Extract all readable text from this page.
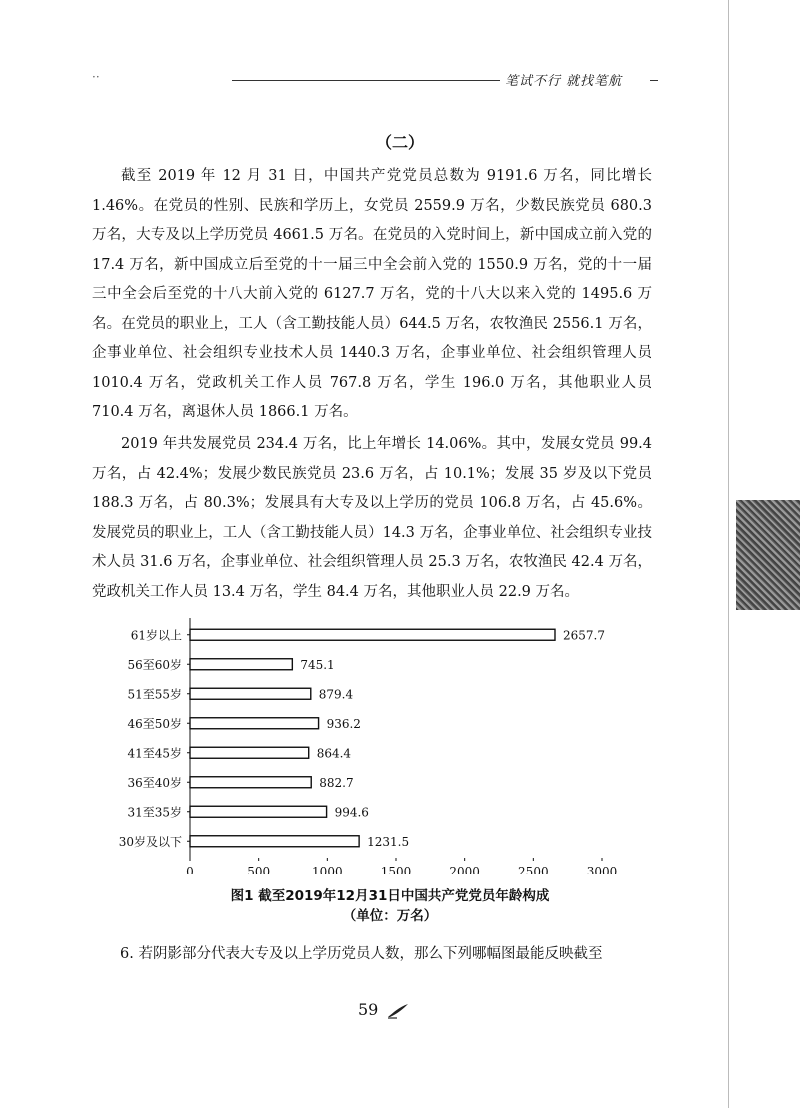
··	笔试不行 就找笔航
（二）

截至 2019 年 12 月 31 日，中国共产党党员总数为 9191.6 万名，同比增长 1.46%。在党员的性别、民族和学历上，女党员 2559.9 万名，少数民族党员 680.3 万名，大专及以上学历党员 4661.5 万名。在党员的入党时间上，新中国成立前入党的 17.4 万名，新中国成立后至党的十一届三中全会前入党的 1550.9 万名，党的十一届三中全会后至党的十八大前入党的 6127.7 万名，党的十八大以来入党的 1495.6 万名。在党员的职业上，工人（含工勤技能人员）644.5 万名，农牧渔民 2556.1 万名，企事业单位、社会组织专业技术人员 1440.3 万名，企事业单位、社会组织管理人员 1010.4 万名，党政机关工作人员 767.8 万名，学生 196.0 万名，其他职业人员 710.4 万名，离退休人员 1866.1 万名。

2019 年共发展党员 234.4 万名，比上年增长 14.06%。其中，发展女党员 99.4 万名，占 42.4%；发展少数民族党员 23.6 万名，占 10.1%；发展 35 岁及以下党员 188.3 万名，占 80.3%；发展具有大专及以上学历的党员 106.8 万名，占 45.6%。发展党员的职业上，工人（含工勤技能人员）14.3 万名，企事业单位、社会组织专业技术人员 31.6 万名，企事业单位、社会组织管理人员 25.3 万名，农牧渔民 42.4 万名，党政机关工作人员 13.4 万名，学生 84.4 万名，其他职业人员 22.9 万名。

61岁以上	2657.7
56至60岁	745.1
51至55岁	879.4
46至50岁	936.2
41至45岁	864.4
36至40岁	882.7
31至35岁	994.6
30岁及以下	1231.5
0	500	1000	1500	2000	2500	3000
图1 截至2019年12月31日中国共产党党员年龄构成
（单位：万名）
6. 若阴影部分代表大专及以上学历党员人数，那么下列哪幅图最能反映截至
59
